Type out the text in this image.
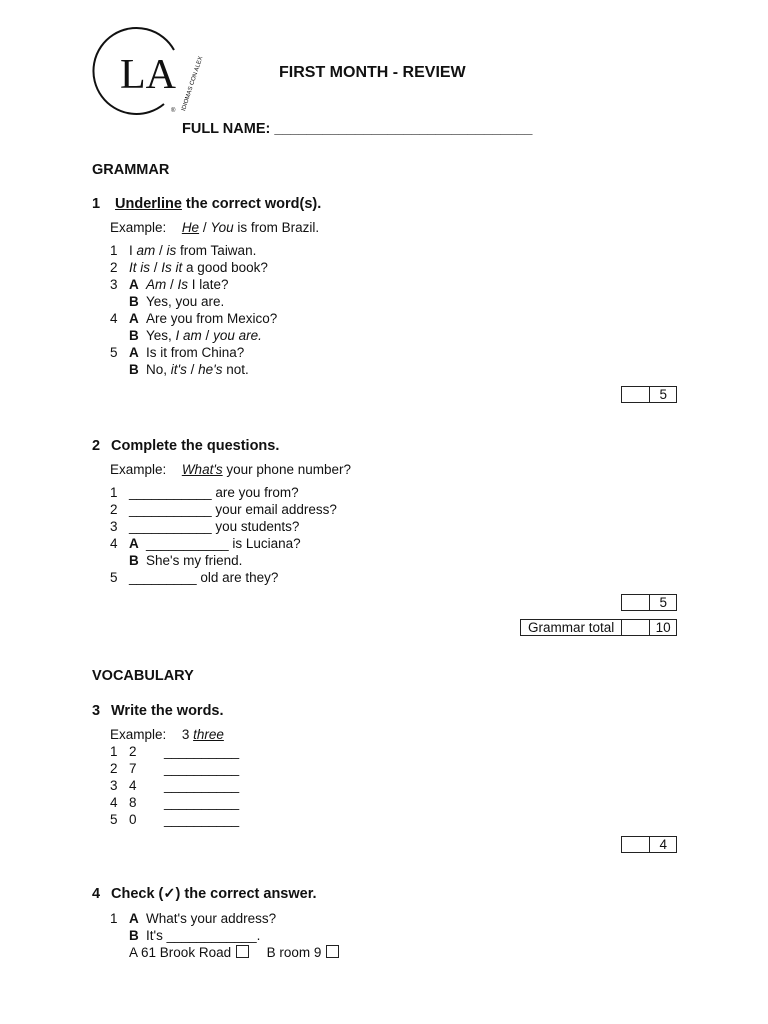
LA IDIOMAS CON ALEX
®
FIRST MONTH - REVIEW
FULL NAME: ________________________________
GRAMMAR
1 Underline the correct word(s).
Example: He / You is from Brazil.
1 I am / is from Taiwan.
2 It is / Is it a good book?
3 A Am / Is I late?
B Yes, you are.
4 A Are you from Mexico?
B Yes, I am / you are.
5 A Is it from China?
B No, it's / he's not.
5
2 Complete the questions.
Example: What's your phone number?
1 ___________ are you from?
2 ___________ your email address?
3 ___________ you students?
4 A ___________ is Luciana?
B She's my friend.
5 _________ old are they?
5
Grammar total	10
VOCABULARY
3 Write the words.
Example: 3 three
1 2 __________
2 7 __________
3 4 __________
4 8 __________
5 0 __________
4
4 Check (✓) the correct answer.
1 A What's your address?
B It's ____________.
A 61 Brook Road	B room 9
